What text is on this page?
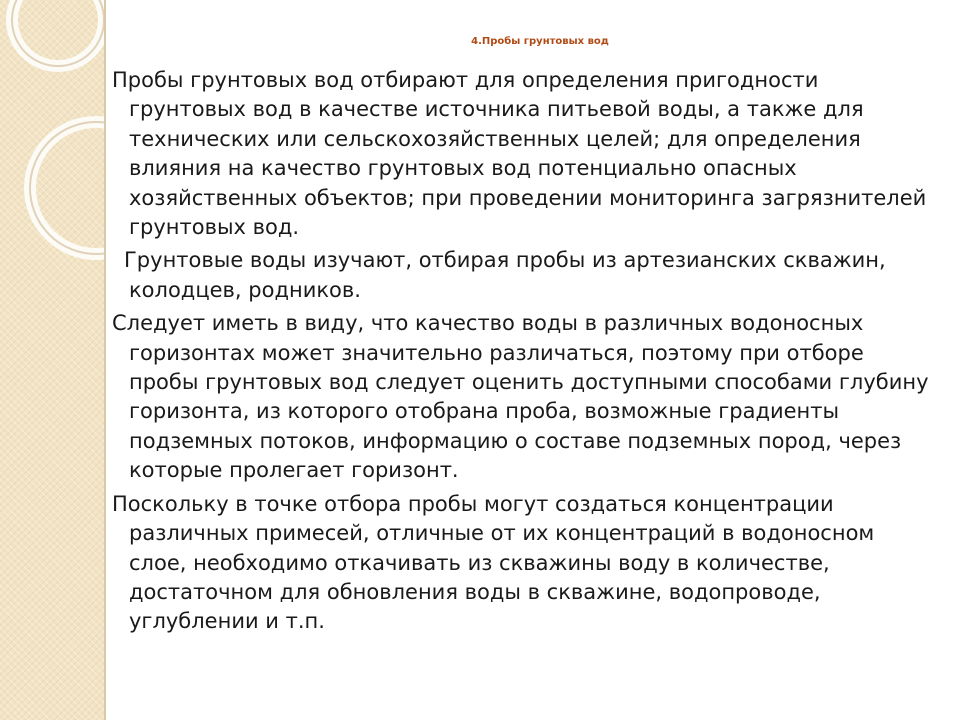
4.Пробы грунтовых вод
Пробы грунтовых вод отбирают для определения пригодности грунтовых вод в качестве источника питьевой воды, а также для технических или сельскохозяйственных целей; для определения влияния на качество грунтовых вод потенциально опасных хозяйственных объектов; при проведении мониторинга загрязнителей грунтовых вод.
Грунтовые воды изучают, отбирая пробы из артезианских скважин, колодцев, родников.
Следует иметь в виду, что качество воды в различных водоносных горизонтах может значительно различаться, поэтому при отборе пробы грунтовых вод следует оценить доступными способами глубину горизонта, из которого отобрана проба, возможные градиенты подземных потоков, информацию о составе подземных пород, через которые пролегает горизонт.
Поскольку в точке отбора пробы могут создаться концентрации различных примесей, отличные от их концентраций в водоносном слое, необходимо откачивать из скважины воду в количестве, достаточном для обновления воды в скважине, водопроводе, углублении и т.п.
